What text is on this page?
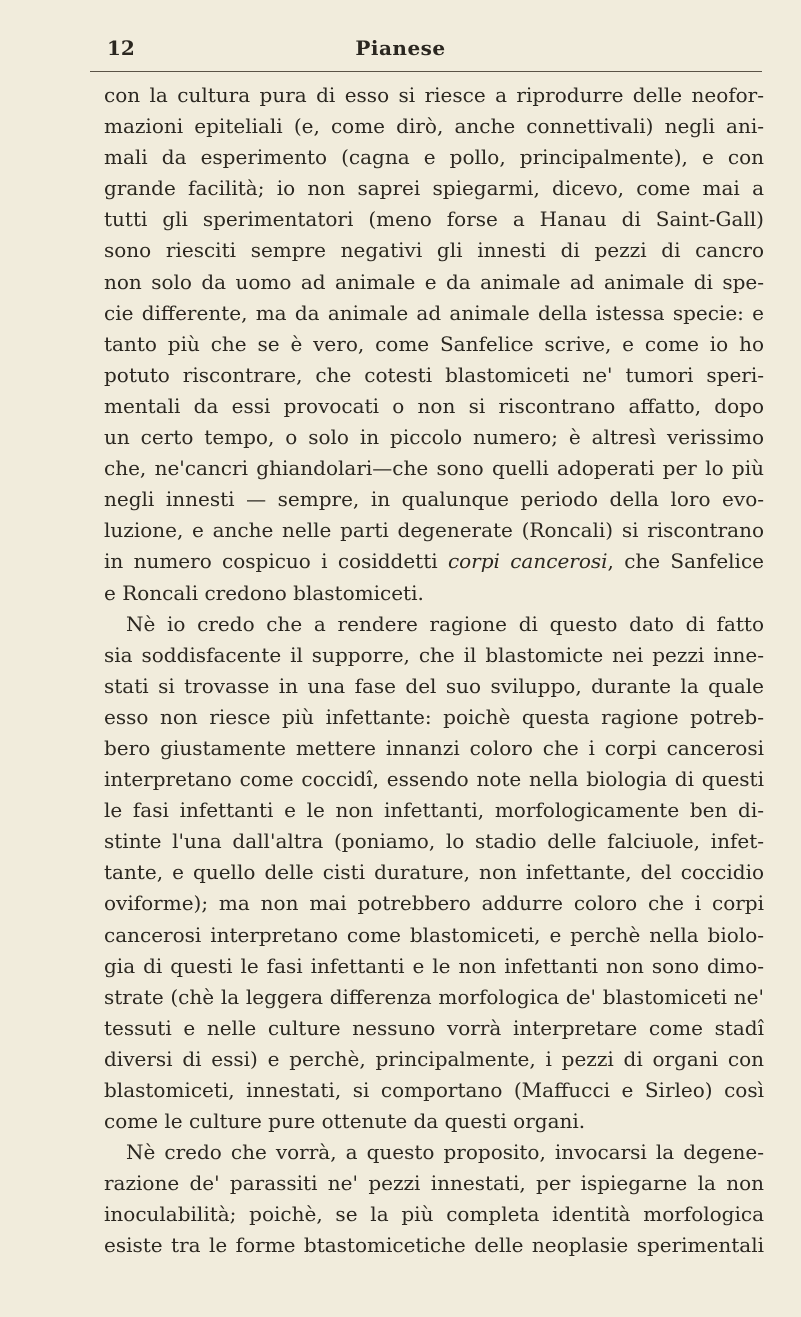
12	Pianese
con la cultura pura di esso si riesce a riprodurre delle neofor-
mazioni epiteliali (e, come dirò, anche connettivali) negli ani-
mali da esperimento (cagna e pollo, principalmente), e con
grande facilità; io non saprei spiegarmi, dicevo, come mai a
tutti gli sperimentatori (meno forse a Hanau di Saint-Gall)
sono riesciti sempre negativi gli innesti di pezzi di cancro
non solo da uomo ad animale e da animale ad animale di spe-
cie differente, ma da animale ad animale della istessa specie: e
tanto più che se è vero, come Sanfelice scrive, e come io ho
potuto riscontrare, che cotesti blastomiceti ne' tumori speri-
mentali da essi provocati o non si riscontrano affatto, dopo
un certo tempo, o solo in piccolo numero; è altresì verissimo
che, ne'cancri ghiandolari—che sono quelli adoperati per lo più
negli innesti — sempre, in qualunque periodo della loro evo-
luzione, e anche nelle parti degenerate (Roncali) si riscontrano
in numero cospicuo i cosiddetti corpi cancerosi, che Sanfelice
e Roncali credono blastomiceti.
Nè io credo che a rendere ragione di questo dato di fatto
sia soddisfacente il supporre, che il blastomicte nei pezzi inne-
stati si trovasse in una fase del suo sviluppo, durante la quale
esso non riesce più infettante: poichè questa ragione potreb-
bero giustamente mettere innanzi coloro che i corpi cancerosi
interpretano come coccidî, essendo note nella biologia di questi
le fasi infettanti e le non infettanti, morfologicamente ben di-
stinte l'una dall'altra (poniamo, lo stadio delle falciuole, infet-
tante, e quello delle cisti durature, non infettante, del coccidio
oviforme); ma non mai potrebbero addurre coloro che i corpi
cancerosi interpretano come blastomiceti, e perchè nella biolo-
gia di questi le fasi infettanti e le non infettanti non sono dimo-
strate (chè la leggera differenza morfologica de' blastomiceti ne'
tessuti e nelle culture nessuno vorrà interpretare come stadî
diversi di essi) e perchè, principalmente, i pezzi di organi con
blastomiceti, innestati, si comportano (Maffucci e Sirleo) così
come le culture pure ottenute da questi organi.
Nè credo che vorrà, a questo proposito, invocarsi la degene-
razione de' parassiti ne' pezzi innestati, per ispiegarne la non
inoculabilità; poichè, se la più completa identità morfologica
esiste tra le forme btastomicetiche delle neoplasie sperimentali
